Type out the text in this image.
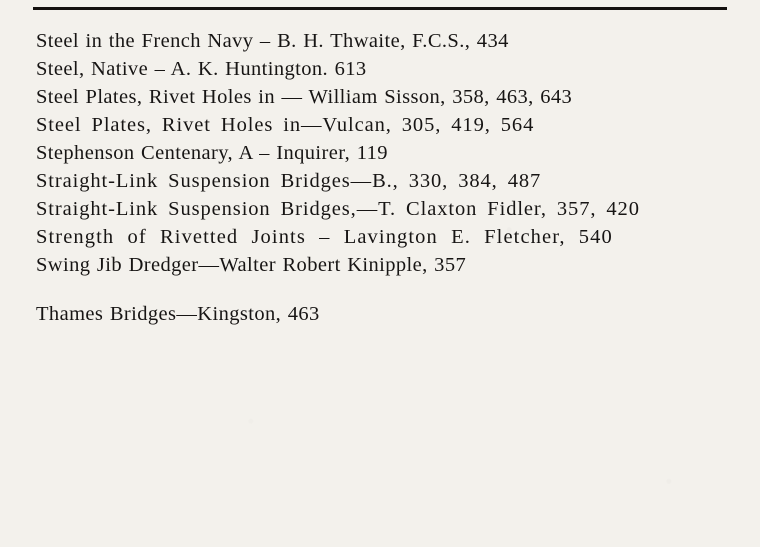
Steel in the French Navy – B. H. Thwaite, F.C.S., 434

Steel, Native – A. K. Huntington. 613

Steel Plates, Rivet Holes in — William Sisson, 358, 463, 643

Steel Plates, Rivet Holes in—Vulcan, 305, 419, 564

Stephenson Centenary, A – Inquirer, 119

Straight-Link Suspension Bridges—B., 330, 384, 487

Straight-Link Suspension Bridges,—T. Claxton Fidler, 357, 420

Strength of Rivetted Joints – Lavington E. Fletcher, 540

Swing Jib Dredger—Walter Robert Kinipple, 357

Thames Bridges—Kingston, 463
